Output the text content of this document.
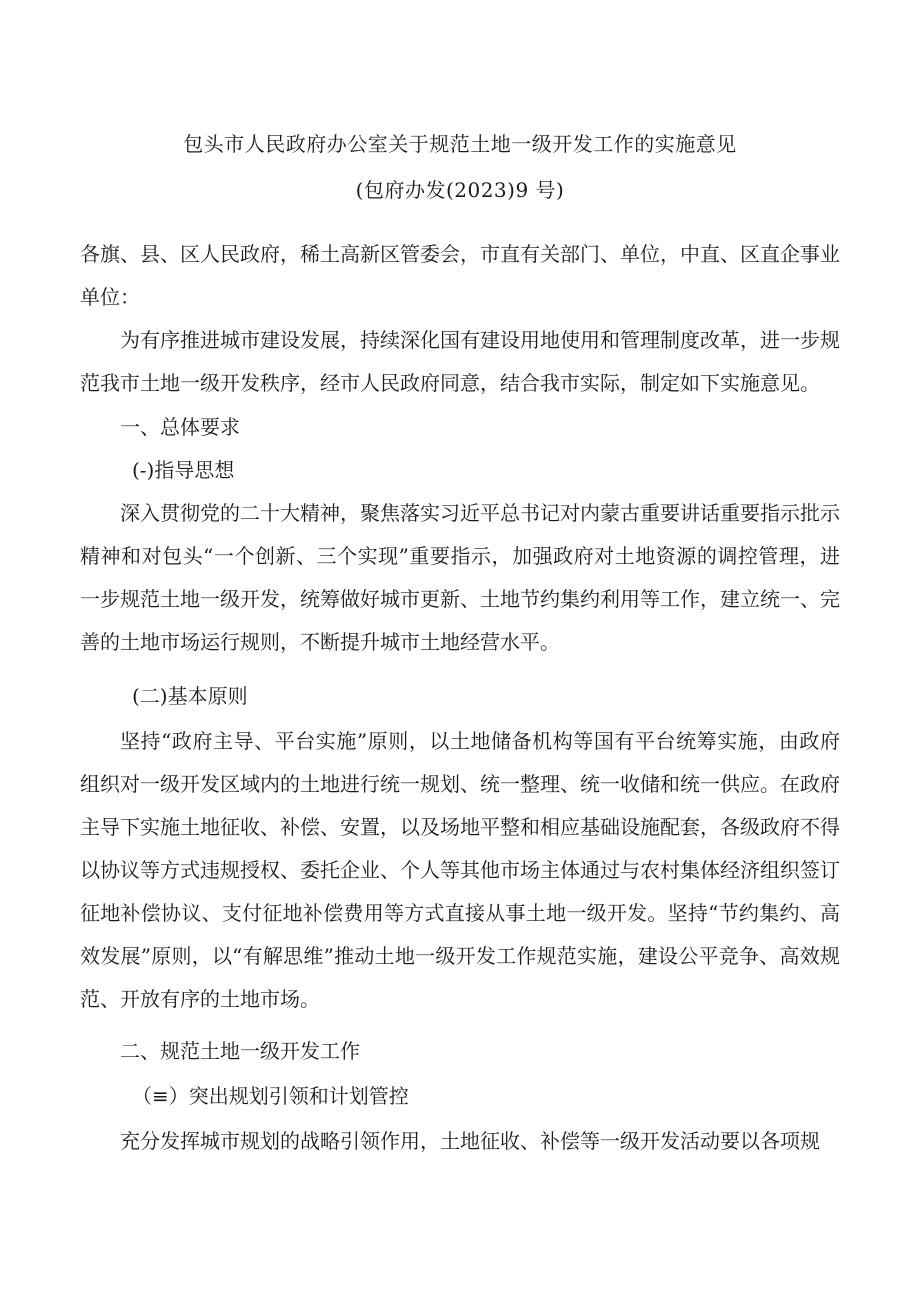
包头市人民政府办公室关于规范土地一级开发工作的实施意见
(包府办发(2023)9 号)

各旗、县、区人民政府，稀土高新区管委会，市直有关部门、单位，中直、区直企事业单位：

为有序推进城市建设发展，持续深化国有建设用地使用和管理制度改革，进一步规范我市土地一级开发秩序，经市人民政府同意，结合我市实际，制定如下实施意见。

一、总体要求

(-)指导思想

深入贯彻党的二十大精神，聚焦落实习近平总书记对内蒙古重要讲话重要指示批示精神和对包头“一个创新、三个实现”重要指示，加强政府对土地资源的调控管理，进一步规范土地一级开发，统筹做好城市更新、土地节约集约利用等工作，建立统一、完善的土地市场运行规则，不断提升城市土地经营水平。

(二)基本原则

坚持“政府主导、平台实施”原则，以土地储备机构等国有平台统筹实施，由政府组织对一级开发区域内的土地进行统一规划、统一整理、统一收储和统一供应。在政府主导下实施土地征收、补偿、安置，以及场地平整和相应基础设施配套，各级政府不得以协议等方式违规授权、委托企业、个人等其他市场主体通过与农村集体经济组织签订征地补偿协议、支付征地补偿费用等方式直接从事土地一级开发。坚持“节约集约、高效发展”原则，以“有解思维”推动土地一级开发工作规范实施，建设公平竞争、高效规范、开放有序的土地市场。

二、规范土地一级开发工作

（≡）突出规划引领和计划管控

充分发挥城市规划的战略引领作用，土地征收、补偿等一级开发活动要以各项规
